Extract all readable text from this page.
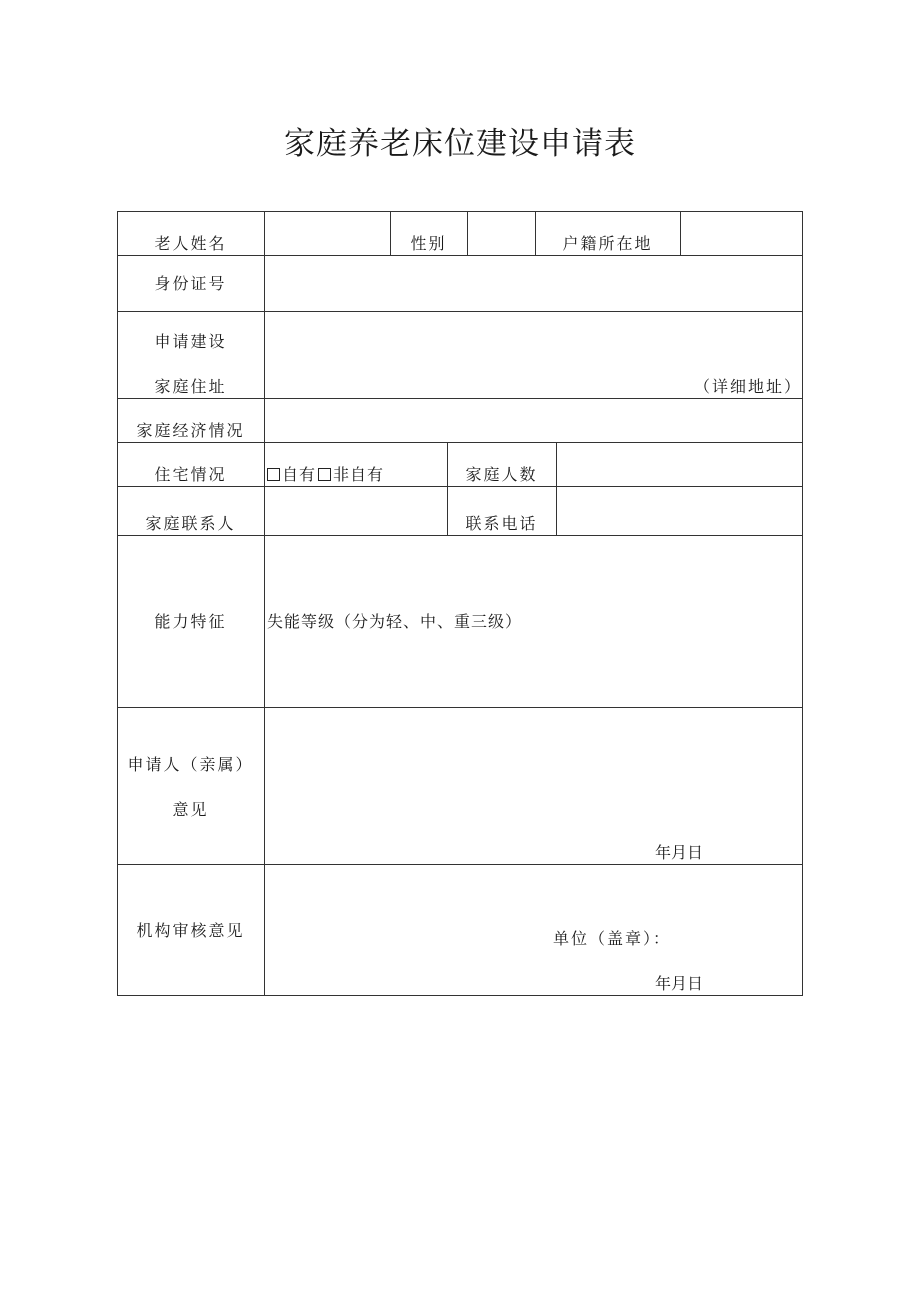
家庭养老床位建设申请表
老人姓名	性别	户籍所在地
身份证号
申请建设
家庭住址	（详细地址）
家庭经济情况
住宅情况	自有 非自有	家庭人数
家庭联系人	联系电话
能力特征	失能等级（分为轻、中、重三级）
申请人（亲属）
意见
年月日
机构审核意见	单位（盖章）：
年月日
